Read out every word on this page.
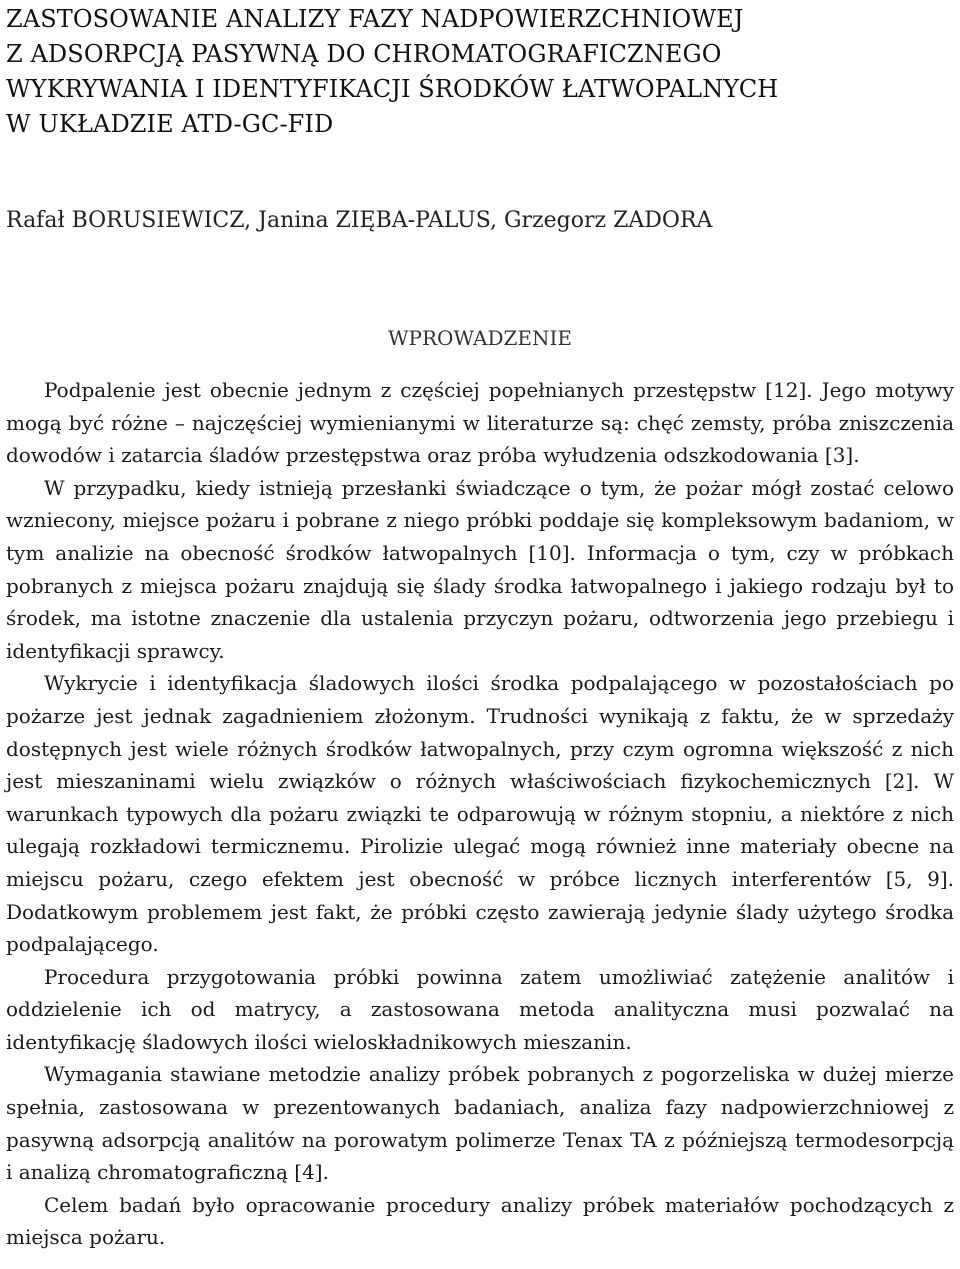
ZASTOSOWANIE ANALIZY FAZY NADPOWIERZCHNIOWEJ
Z ADSORPCJĄ PASYWNĄ DO CHROMATOGRAFICZNEGO
WYKRYWANIA I IDENTYFIKACJI ŚRODKÓW ŁATWOPALNYCH
W UKŁADZIE ATD-GC-FID

Rafał BORUSIEWICZ, Janina ZIĘBA-PALUS, Grzegorz ZADORA

WPROWADZENIE

Podpalenie jest obecnie jednym z częściej popełnianych przestępstw [12]. Jego motywy mogą być różne – najczęściej wymienianymi w literaturze są: chęć zemsty, próba zniszczenia dowodów i zatarcia śladów przestępstwa oraz próba wyłudzenia odszkodowania [3].

W przypadku, kiedy istnieją przesłanki świadczące o tym, że pożar mógł zostać celowo wzniecony, miejsce pożaru i pobrane z niego próbki poddaje się kompleksowym badaniom, w tym analizie na obecność środków łatwopalnych [10]. Informacja o tym, czy w próbkach pobranych z miejsca pożaru znajdują się ślady środka łatwopalnego i jakiego rodzaju był to środek, ma istotne znaczenie dla ustalenia przyczyn pożaru, odtworzenia jego przebiegu i identyfikacji sprawcy.

Wykrycie i identyfikacja śladowych ilości środka podpalającego w pozostałościach po pożarze jest jednak zagadnieniem złożonym. Trudności wynikają z faktu, że w sprzedaży dostępnych jest wiele różnych środków łatwopalnych, przy czym ogromna większość z nich jest mieszaninami wielu związków o różnych właściwościach fizykochemicznych [2]. W warunkach typowych dla pożaru związki te odparowują w różnym stopniu, a niektóre z nich ulegają rozkładowi termicznemu. Pirolizie ulegać mogą również inne materiały obecne na miejscu pożaru, czego efektem jest obecność w próbce licznych interferentów [5, 9]. Dodatkowym problemem jest fakt, że próbki często zawierają jedynie ślady użytego środka podpalającego.

Procedura przygotowania próbki powinna zatem umożliwiać zatężenie analitów i oddzielenie ich od matrycy, a zastosowana metoda analityczna musi pozwalać na identyfikację śladowych ilości wieloskładnikowych mieszanin.

Wymagania stawiane metodzie analizy próbek pobranych z pogorzeliska w dużej mierze spełnia, zastosowana w prezentowanych badaniach, analiza fazy nadpowierzchniowej z pasywną adsorpcją analitów na porowatym polimerze Tenax TA z późniejszą termodesorpcją i analizą chromatograficzną [4].

Celem badań było opracowanie procedury analizy próbek materiałów pochodzących z miejsca pożaru.
